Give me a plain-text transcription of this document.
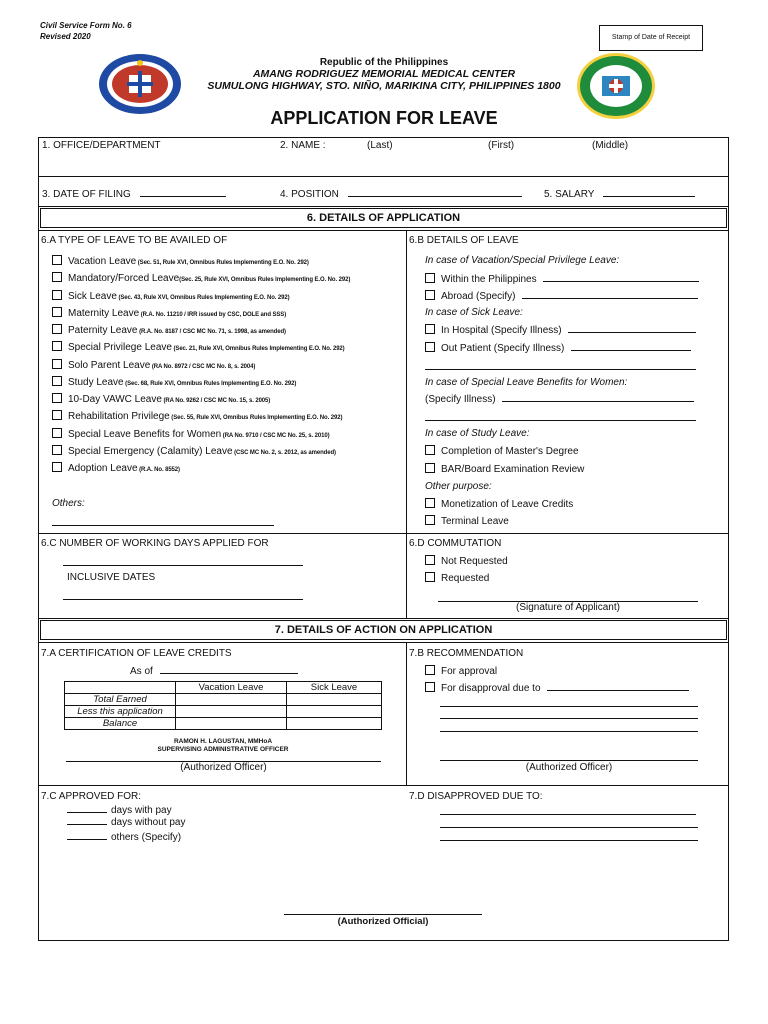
Civil Service Form No. 6
Revised 2020	Stamp of Date of Receipt
Republic of the Philippines
AMANG RODRIGUEZ MEMORIAL MEDICAL CENTER
SUMULONG HIGHWAY, STO. NIÑO, MARIKINA CITY, PHILIPPINES 1800
APPLICATION FOR LEAVE
1. OFFICE/DEPARTMENT	2. NAME :	(Last)	(First)	(Middle)
3. DATE OF FILING	4. POSITION	5. SALARY
6. DETAILS OF APPLICATION
6.A TYPE OF LEAVE TO BE AVAILED OF
Vacation Leave (Sec. 51, Rule XVI, Omnibus Rules Implementing E.O. No. 292)
Mandatory/Forced Leave(Sec. 25, Rule XVI, Omnibus Rules Implementing E.O. No. 292)
Sick Leave (Sec. 43, Rule XVI, Omnibus Rules Implementing E.O. No. 292)
Maternity Leave (R.A. No. 11210 / IRR issued by CSC, DOLE and SSS)
Paternity Leave (R.A. No. 8187 / CSC MC No. 71, s. 1998, as amended)
Special Privilege Leave (Sec. 21, Rule XVI, Omnibus Rules Implementing E.O. No. 292)
Solo Parent Leave (RA No. 8972 / CSC MC No. 8, s. 2004)
Study Leave (Sec. 68, Rule XVI, Omnibus Rules Implementing E.O. No. 292)
10-Day VAWC Leave (RA No. 9262 / CSC MC No. 15, s. 2005)
Rehabilitation Privilege (Sec. 55, Rule XVI, Omnibus Rules Implementing E.O. No. 292)
Special Leave Benefits for Women (RA No. 9710 / CSC MC No. 25, s. 2010)
Special Emergency (Calamity) Leave (CSC MC No. 2, s. 2012, as amended)
Adoption Leave (R.A. No. 8552)
Others:
6.B DETAILS OF LEAVE
In case of Vacation/Special Privilege Leave:
Within the Philippines
Abroad (Specify)
In case of Sick Leave:
In Hospital (Specify Illness)
Out Patient (Specify Illness)
In case of Special Leave Benefits for Women:
(Specify Illness)
In case of Study Leave:
Completion of Master's Degree
BAR/Board Examination Review
Other purpose:
Monetization of Leave Credits
Terminal Leave
6.C NUMBER OF WORKING DAYS APPLIED FOR
INCLUSIVE DATES
6.D COMMUTATION
Not Requested
Requested
(Signature of Applicant)
7. DETAILS OF ACTION ON APPLICATION
7.A CERTIFICATION OF LEAVE CREDITS
As of
	Vacation Leave	Sick Leave
Total Earned		
Less this application		
Balance		
RAMON H. LAGUSTAN, MMHoA
SUPERVISING ADMINISTRATIVE OFFICER
(Authorized Officer)
7.B RECOMMENDATION
For approval
For disapproval due to
(Authorized Officer)
7.C APPROVED FOR:
days with pay
days without pay
others (Specify)
7.D DISAPPROVED DUE TO:
(Authorized Official)
